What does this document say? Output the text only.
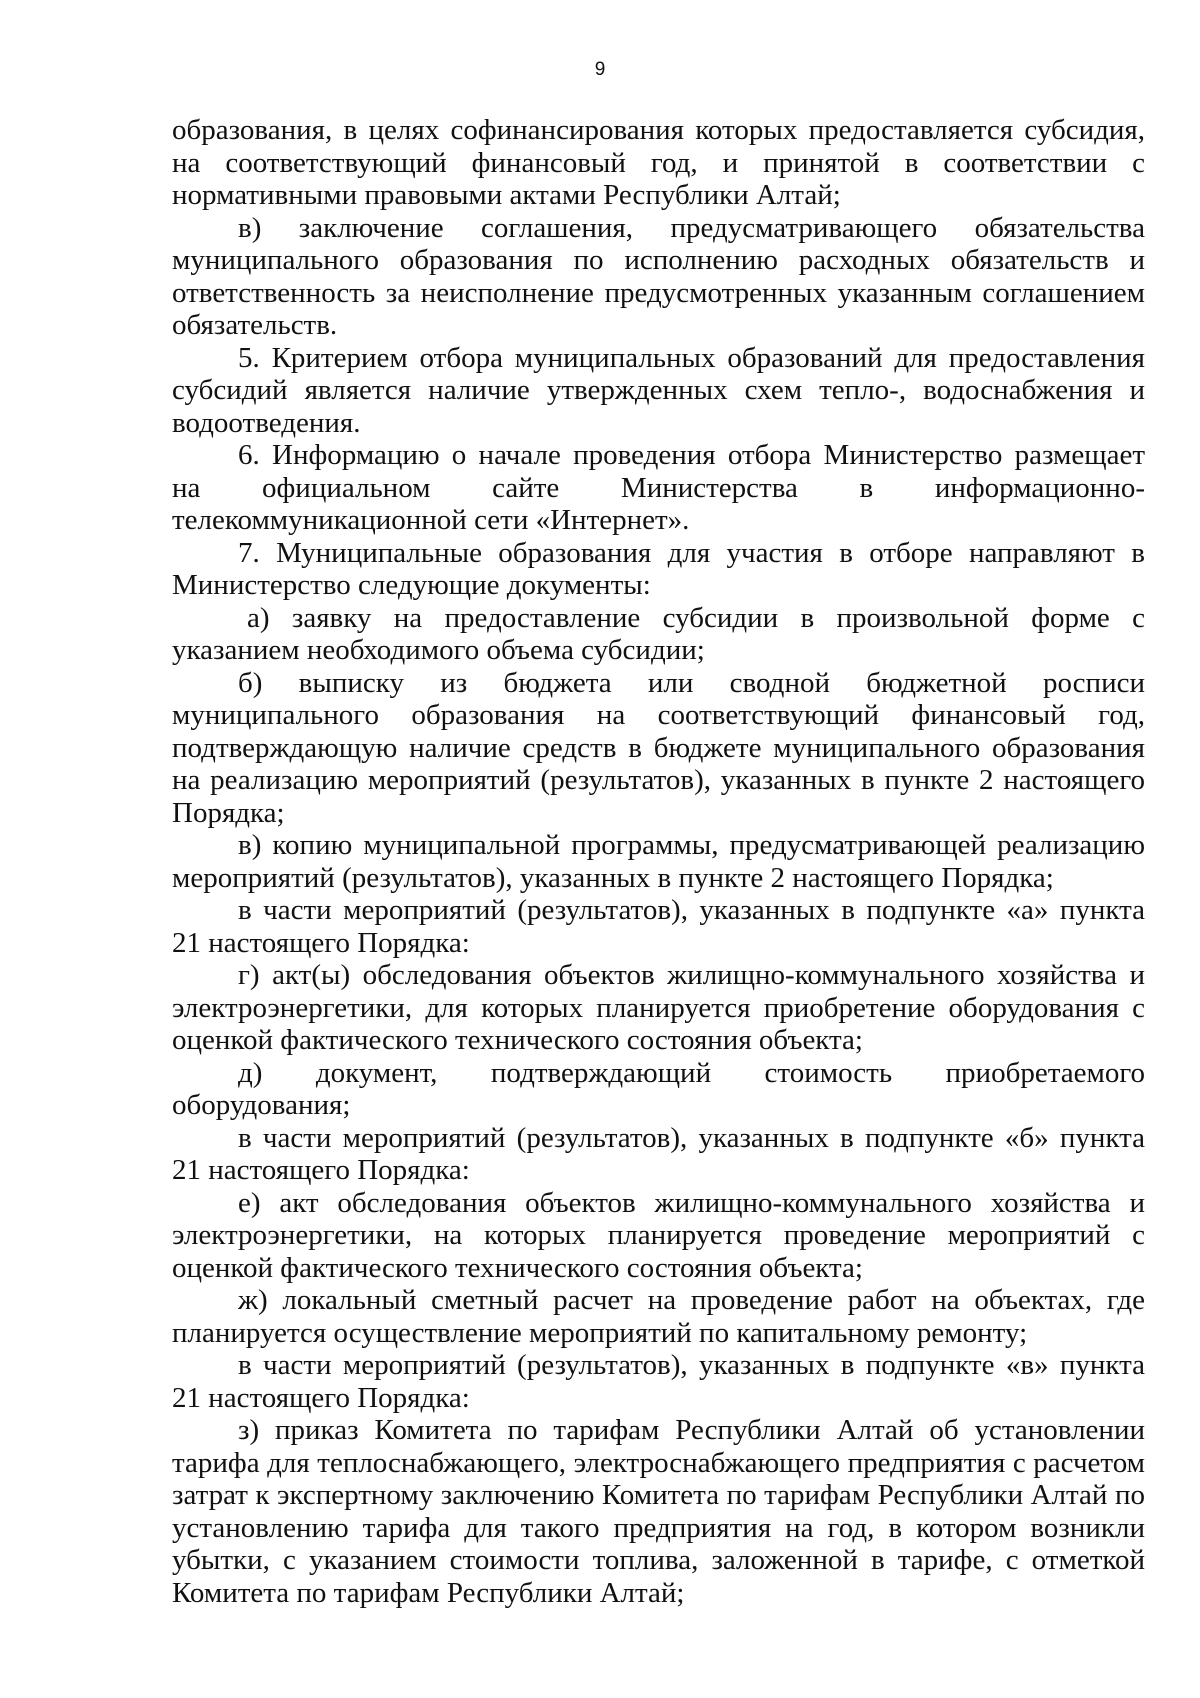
9

образования, в целях софинансирования которых предоставляется субсидия, на соответствующий финансовый год, и принятой в соответствии с нормативными правовыми актами Республики Алтай;

в) заключение соглашения, предусматривающего обязательства муниципального образования по исполнению расходных обязательств и ответственность за неисполнение предусмотренных указанным соглашением обязательств.

5. Критерием отбора муниципальных образований для предоставления субсидий является наличие утвержденных схем тепло-, водоснабжения и водоотведения.

6. Информацию о начале проведения отбора Министерство размещает на официальном сайте Министерства в информационно-телекоммуникационной сети «Интернет».

7. Муниципальные образования для участия в отборе направляют в Министерство следующие документы:

а) заявку на предоставление субсидии в произвольной форме с указанием необходимого объема субсидии;

б) выписку из бюджета или сводной бюджетной росписи муниципального образования на соответствующий финансовый год, подтверждающую наличие средств в бюджете муниципального образования на реализацию мероприятий (результатов), указанных в пункте 2 настоящего Порядка;

в) копию муниципальной программы, предусматривающей реализацию мероприятий (результатов), указанных в пункте 2 настоящего Порядка;

в части мероприятий (результатов), указанных в подпункте «а» пункта 21 настоящего Порядка:

г) акт(ы) обследования объектов жилищно-коммунального хозяйства и электроэнергетики, для которых планируется приобретение оборудования с оценкой фактического технического состояния объекта;

д) документ, подтверждающий стоимость приобретаемого оборудования;

в части мероприятий (результатов), указанных в подпункте «б» пункта 21 настоящего Порядка:

е) акт обследования объектов жилищно-коммунального хозяйства и электроэнергетики, на которых планируется проведение мероприятий с оценкой фактического технического состояния объекта;

ж) локальный сметный расчет на проведение работ на объектах, где планируется осуществление мероприятий по капитальному ремонту;

в части мероприятий (результатов), указанных в подпункте «в» пункта 21 настоящего Порядка:

з) приказ Комитета по тарифам Республики Алтай об установлении тарифа для теплоснабжающего, электроснабжающего предприятия с расчетом затрат к экспертному заключению Комитета по тарифам Республики Алтай по установлению тарифа для такого предприятия на год, в котором возникли убытки, с указанием стоимости топлива, заложенной в тарифе, с отметкой Комитета по тарифам Республики Алтай;
